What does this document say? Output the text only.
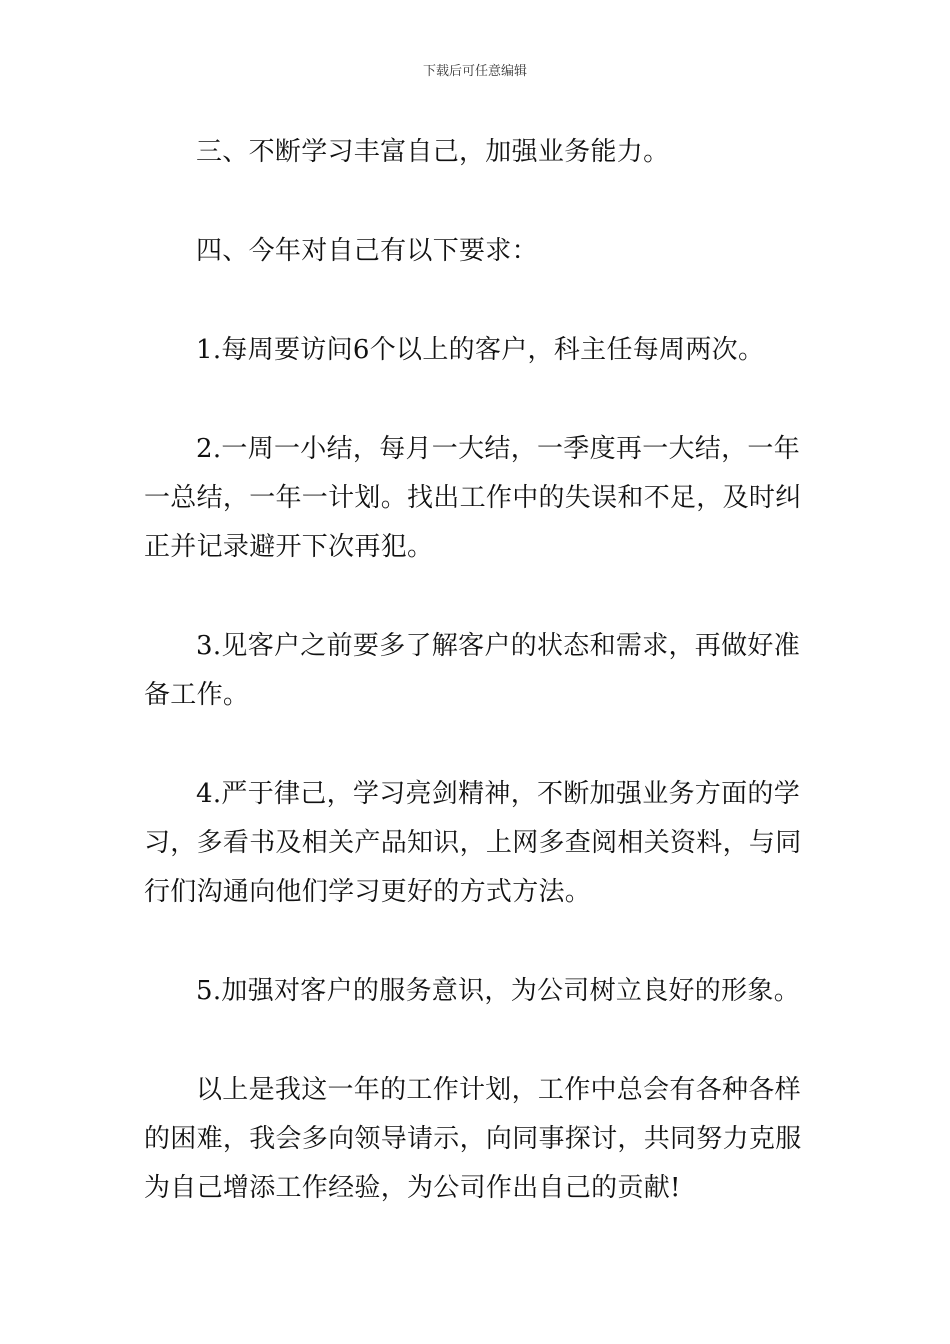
下载后可任意编辑

三、不断学习丰富自己，加强业务能力。

四、今年对自己有以下要求：

1.每周要访问6个以上的客户，科主任每周两次。

2.一周一小结，每月一大结，一季度再一大结，一年一总结，一年一计划。找出工作中的失误和不足，及时纠正并记录避开下次再犯。

3.见客户之前要多了解客户的状态和需求，再做好准备工作。

4.严于律己，学习亮剑精神，不断加强业务方面的学习，多看书及相关产品知识，上网多查阅相关资料，与同行们沟通向他们学习更好的方式方法。

5.加强对客户的服务意识，为公司树立良好的形象。

以上是我这一年的工作计划，工作中总会有各种各样的困难，我会多向领导请示，向同事探讨，共同努力克服为自己增添工作经验，为公司作出自己的贡献!
